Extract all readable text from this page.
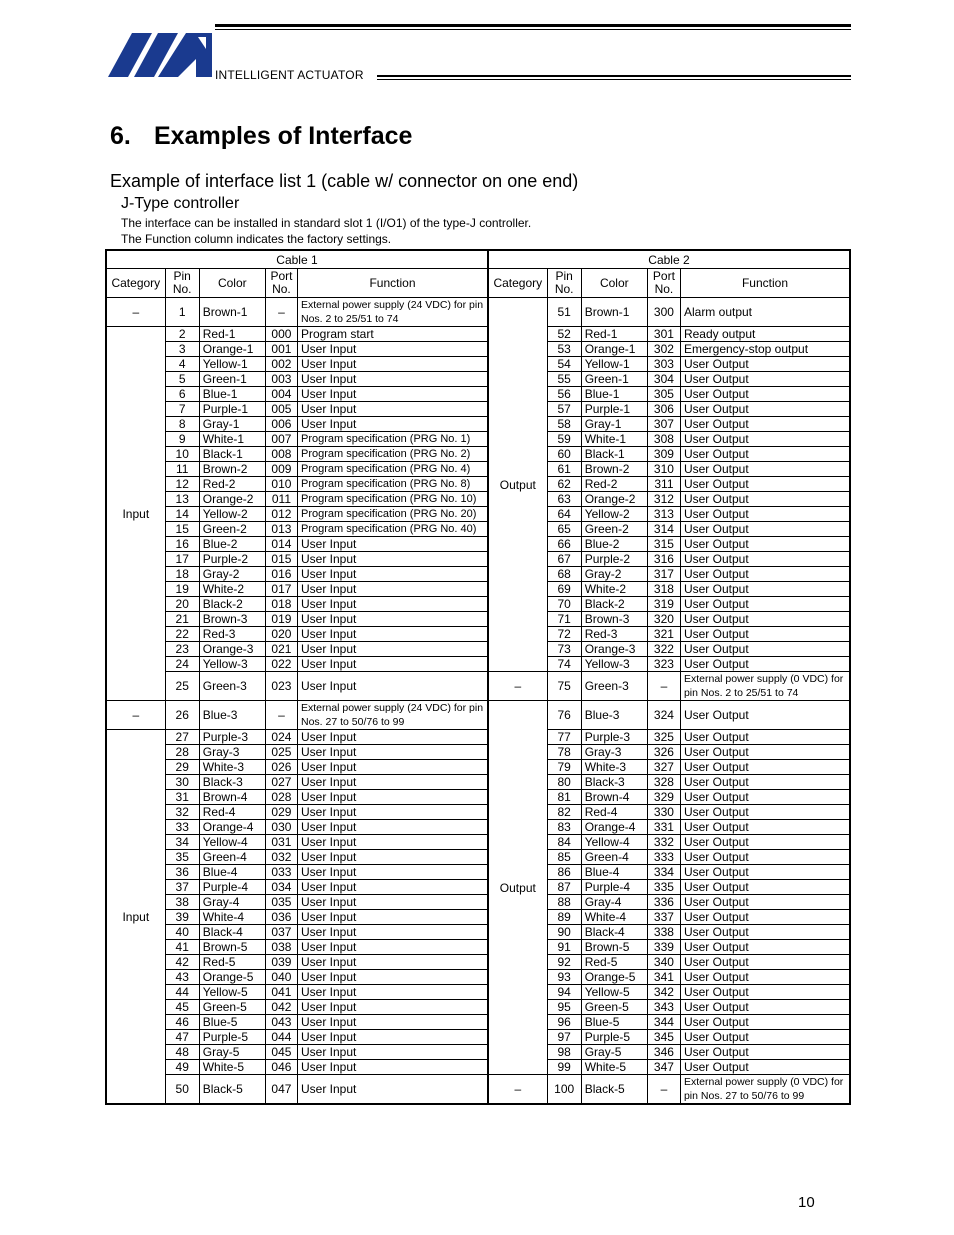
INTELLIGENT ACTUATOR
6. Examples of Interface
Example of interface list 1 (cable w/ connector on one end)
J-Type controller
The interface can be installed in standard slot 1 (I/O1) of the type-J controller.
The Function column indicates the factory settings.
Cable 1					Cable 2				
Category	Pin No.	Color	Port No.	Function	Category	Pin No.	Color	Port No.	Function
–	1	Brown-1	–	External power supply (24 VDC) for pin Nos. 2 to 25/51 to 74	Output	51	Brown-1	300	Alarm output
Input	2	Red-1	000	Program start		52	Red-1	301	Ready output
	3	Orange-1	001	User Input		53	Orange-1	302	Emergency-stop output
	4	Yellow-1	002	User Input		54	Yellow-1	303	User Output
	5	Green-1	003	User Input		55	Green-1	304	User Output
	6	Blue-1	004	User Input		56	Blue-1	305	User Output
	7	Purple-1	005	User Input		57	Purple-1	306	User Output
	8	Gray-1	006	User Input		58	Gray-1	307	User Output
	9	White-1	007	Program specification (PRG No. 1)		59	White-1	308	User Output
	10	Black-1	008	Program specification (PRG No. 2)		60	Black-1	309	User Output
	11	Brown-2	009	Program specification (PRG No. 4)		61	Brown-2	310	User Output
	12	Red-2	010	Program specification (PRG No. 8)		62	Red-2	311	User Output
	13	Orange-2	011	Program specification (PRG No. 10)		63	Orange-2	312	User Output
	14	Yellow-2	012	Program specification (PRG No. 20)		64	Yellow-2	313	User Output
	15	Green-2	013	Program specification (PRG No. 40)		65	Green-2	314	User Output
	16	Blue-2	014	User Input		66	Blue-2	315	User Output
	17	Purple-2	015	User Input		67	Purple-2	316	User Output
	18	Gray-2	016	User Input		68	Gray-2	317	User Output
	19	White-2	017	User Input		69	White-2	318	User Output
	20	Black-2	018	User Input		70	Black-2	319	User Output
	21	Brown-3	019	User Input		71	Brown-3	320	User Output
	22	Red-3	020	User Input		72	Red-3	321	User Output
	23	Orange-3	021	User Input		73	Orange-3	322	User Output
	24	Yellow-3	022	User Input		74	Yellow-3	323	User Output
	25	Green-3	023	User Input	–	75	Green-3	–	External power supply (0 VDC) for pin Nos. 2 to 25/51 to 74
–	26	Blue-3	–	External power supply (24 VDC) for pin Nos. 27 to 50/76 to 99	Output	76	Blue-3	324	User Output
Input	27	Purple-3	024	User Input		77	Purple-3	325	User Output
	28	Gray-3	025	User Input		78	Gray-3	326	User Output
	29	White-3	026	User Input		79	White-3	327	User Output
	30	Black-3	027	User Input		80	Black-3	328	User Output
	31	Brown-4	028	User Input		81	Brown-4	329	User Output
	32	Red-4	029	User Input		82	Red-4	330	User Output
	33	Orange-4	030	User Input		83	Orange-4	331	User Output
	34	Yellow-4	031	User Input		84	Yellow-4	332	User Output
	35	Green-4	032	User Input		85	Green-4	333	User Output
	36	Blue-4	033	User Input		86	Blue-4	334	User Output
	37	Purple-4	034	User Input		87	Purple-4	335	User Output
	38	Gray-4	035	User Input		88	Gray-4	336	User Output
	39	White-4	036	User Input		89	White-4	337	User Output
	40	Black-4	037	User Input		90	Black-4	338	User Output
	41	Brown-5	038	User Input		91	Brown-5	339	User Output
	42	Red-5	039	User Input		92	Red-5	340	User Output
	43	Orange-5	040	User Input		93	Orange-5	341	User Output
	44	Yellow-5	041	User Input		94	Yellow-5	342	User Output
	45	Green-5	042	User Input		95	Green-5	343	User Output
	46	Blue-5	043	User Input		96	Blue-5	344	User Output
	47	Purple-5	044	User Input		97	Purple-5	345	User Output
	48	Gray-5	045	User Input		98	Gray-5	346	User Output
	49	White-5	046	User Input		99	White-5	347	User Output
	50	Black-5	047	User Input	–	100	Black-5	–	External power supply (0 VDC) for pin Nos. 27 to 50/76 to 99
10
